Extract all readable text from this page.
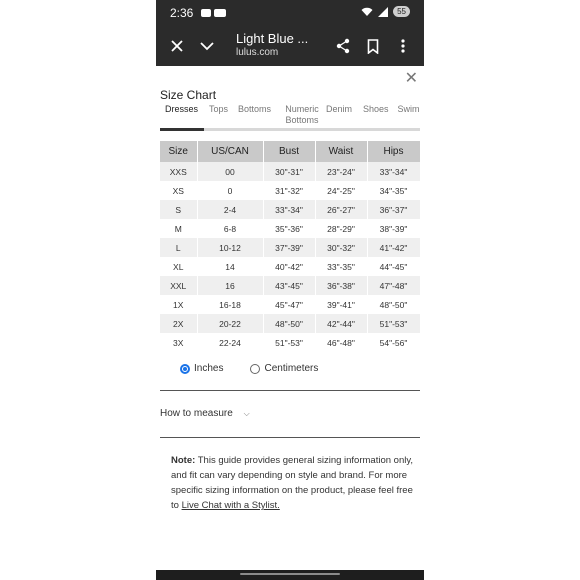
2:36	55
Light Blue ...
lulus.com
✕
Size Chart
Dresses Tops Bottoms	Numeric Bottoms
Denim Shoes Swim
Size	US/CAN	Bust	Waist	Hips
XXS	00	30"-31"	23"-24"	33"-34"
XS	0	31"-32"	24"-25"	34"-35"
S	2-4	33"-34"	26"-27"	36"-37"
M	6-8	35"-36"	28"-29"	38"-39"
L	10-12	37"-39"	30"-32"	41"-42"
XL	14	40"-42"	33"-35"	44"-45"
XXL	16	43"-45"	36"-38"	47"-48"
1X	16-18	45"-47"	39"-41"	48"-50"
2X	20-22	48"-50"	42"-44"	51"-53"
3X	22-24	51"-53"	46"-48"	54"-56"
Inches	Centimeters
How to measure ⌵
Note: This guide provides general sizing information only, and fit can vary depending on style and brand. For more specific sizing information on the product, please feel free to Live Chat with a Stylist.
